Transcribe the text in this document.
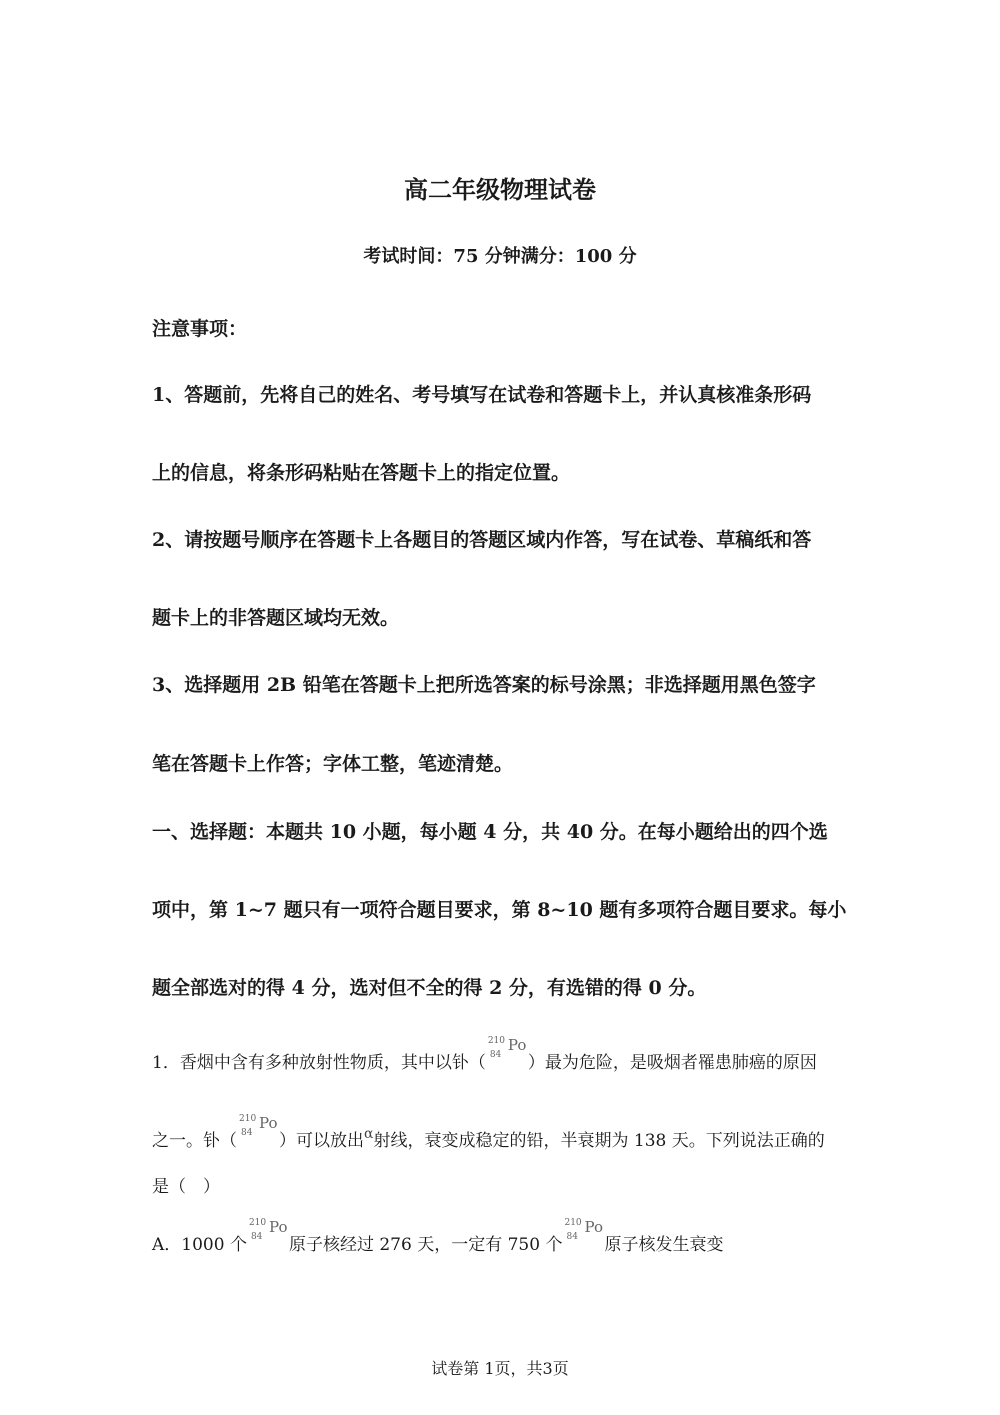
高二年级物理试卷
考试时间：75 分钟满分：100 分
注意事项：
1、答题前，先将自己的姓名、考号填写在试卷和答题卡上，并认真核准条形码
上的信息，将条形码粘贴在答题卡上的指定位置。
2、请按题号顺序在答题卡上各题目的答题区域内作答，写在试卷、草稿纸和答
题卡上的非答题区域均无效。
3、选择题用 2B 铅笔在答题卡上把所选答案的标号涂黑；非选择题用黑色签字
笔在答题卡上作答；字体工整，笔迹清楚。
一、选择题：本题共 10 小题，每小题 4 分，共 40 分。在每小题给出的四个选
项中，第 1~7 题只有一项符合题目要求，第 8~10 题有多项符合题目要求。每小
题全部选对的得 4 分，选对但不全的得 2 分，有选错的得 0 分。
1．香烟中含有多种放射性物质，其中以钋（
210
84
Po
）最为危险，是吸烟者罹患肺癌的原因
之一。钋（
210
84
Po
）可以放出α射线，衰变成稳定的铅，半衰期为 138 天。下列说法正确的
是（　）
A．1000 个
210
84
Po
原子核经过 276 天，一定有 750 个
210
84
Po
原子核发生衰变
试卷第 1页，共3页
